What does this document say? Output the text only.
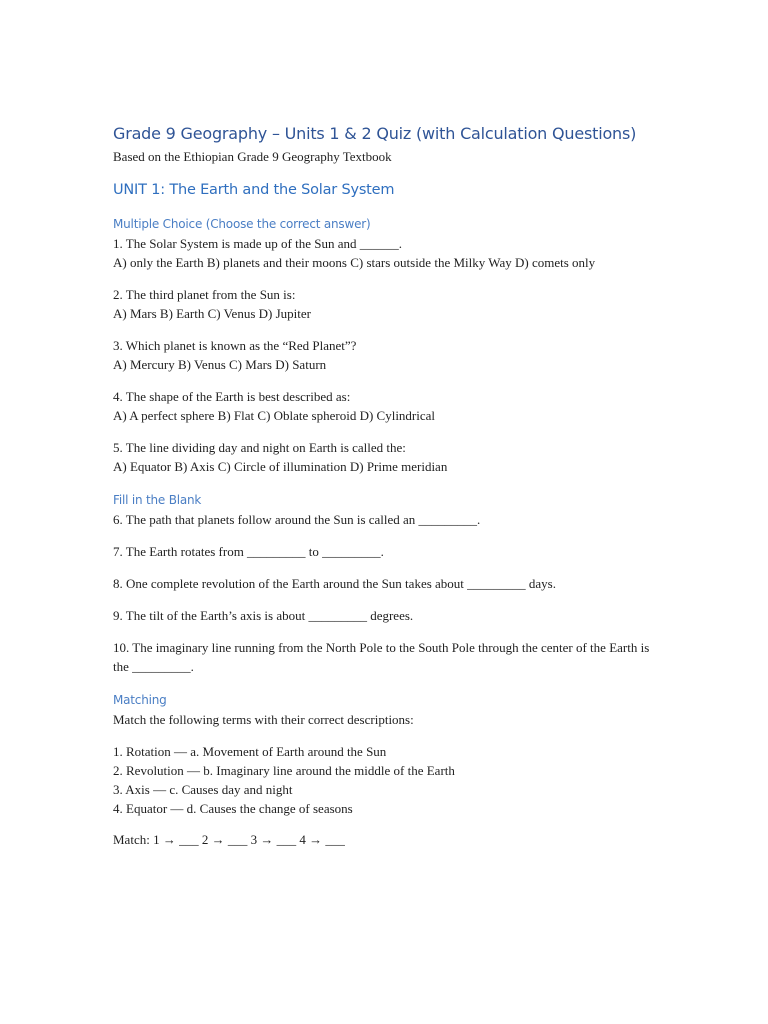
Grade 9 Geography – Units 1 & 2 Quiz (with Calculation Questions)
Based on the Ethiopian Grade 9 Geography Textbook
UNIT 1: The Earth and the Solar System
Multiple Choice (Choose the correct answer)
1. The Solar System is made up of the Sun and ______.
A) only the Earth B) planets and their moons C) stars outside the Milky Way D) comets only
2. The third planet from the Sun is:
A) Mars B) Earth C) Venus D) Jupiter
3. Which planet is known as the “Red Planet”?
A) Mercury B) Venus C) Mars D) Saturn
4. The shape of the Earth is best described as:
A) A perfect sphere B) Flat C) Oblate spheroid D) Cylindrical
5. The line dividing day and night on Earth is called the:
A) Equator B) Axis C) Circle of illumination D) Prime meridian
Fill in the Blank
6. The path that planets follow around the Sun is called an _________.
7. The Earth rotates from _________ to _________.
8. One complete revolution of the Earth around the Sun takes about _________ days.
9. The tilt of the Earth’s axis is about _________ degrees.
10. The imaginary line running from the North Pole to the South Pole through the center of the Earth is the _________.
Matching
Match the following terms with their correct descriptions:
1. Rotation — a. Movement of Earth around the Sun
2. Revolution — b. Imaginary line around the middle of the Earth
3. Axis — c. Causes day and night
4. Equator — d. Causes the change of seasons
Match: 1 → ___ 2 → ___ 3 → ___ 4 → ___
